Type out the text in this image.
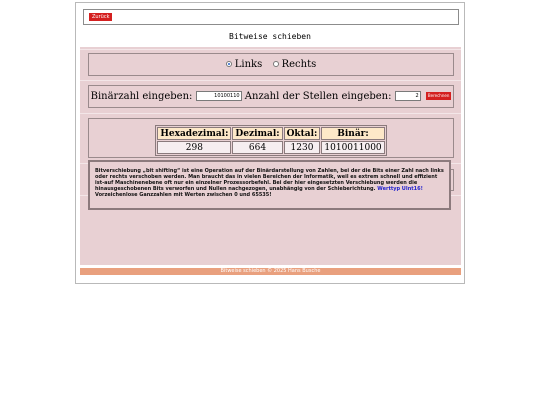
Zurück
Bitweise schieben
Links Rechts
Binärzahl eingeben:	10100110 Anzahl der Stellen eingeben:	2 Berechnen
Hexadezimal:	Dezimal:	Oktal:	Binär:
298	664	1230	1010011000
Bitverschiebung „bit shifting“ ist eine Operation auf der Binärdarstellung von Zahlen, bei der die Bits einer Zahl nach links oder rechts verschoben werden. Man braucht das in vielen Bereichen der Informatik, weil es extrem schnell und effizient ist-auf Maschinenebene oft nur ein einzelner Prozessorbefehl. Bei der hier eingesetzten Verschiebung werden die hinausgeschobenen Bits verworfen und Nullen nachgezogen, unabhängig von der Schieberichtung. Werttyp UInt16! Vorzeichenlose Ganzzahlen mit Werten zwischen 0 und 65535!
Bitweise schieben © 2025 Hans Busche
